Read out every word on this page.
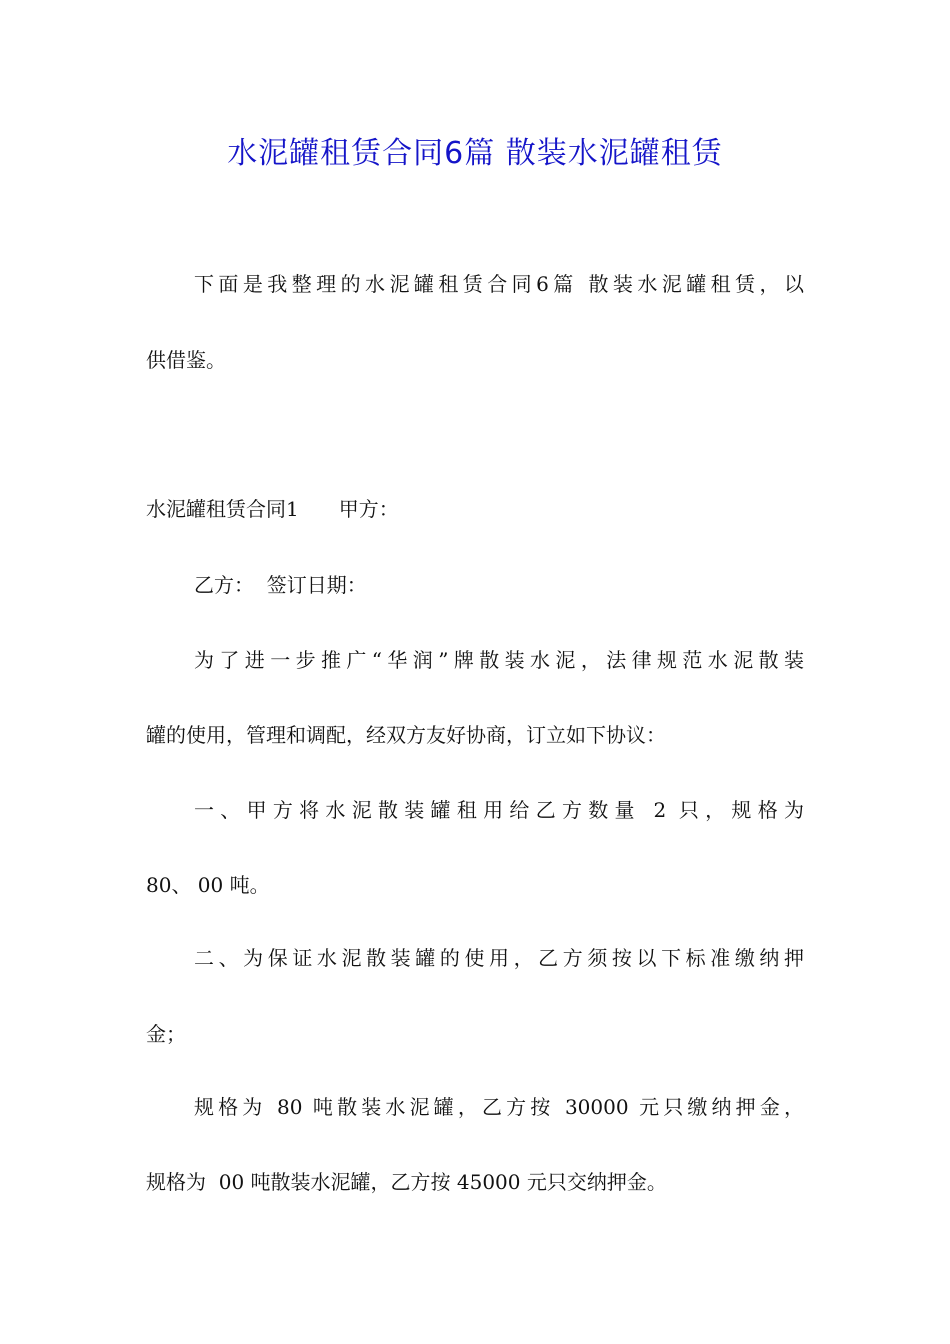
水泥罐租赁合同6篇 散装水泥罐租赁
下面是我整理的水泥罐租赁合同6篇 散装水泥罐租赁，以
供借鉴。
水泥罐租赁合同1　　甲方：
乙方：  签订日期：
为了进一步推广“华润”牌散装水泥，法律规范水泥散装
罐的使用，管理和调配，经双方友好协商，订立如下协议：
一、甲方将水泥散装罐租用给乙方数量 2 只，规格为
80、 00 吨。
二、为保证水泥散装罐的使用，乙方须按以下标准缴纳押
金；
规格为 80 吨散装水泥罐，乙方按 30000 元只缴纳押金，
规格为  00 吨散装水泥罐，乙方按 45000 元只交纳押金。
